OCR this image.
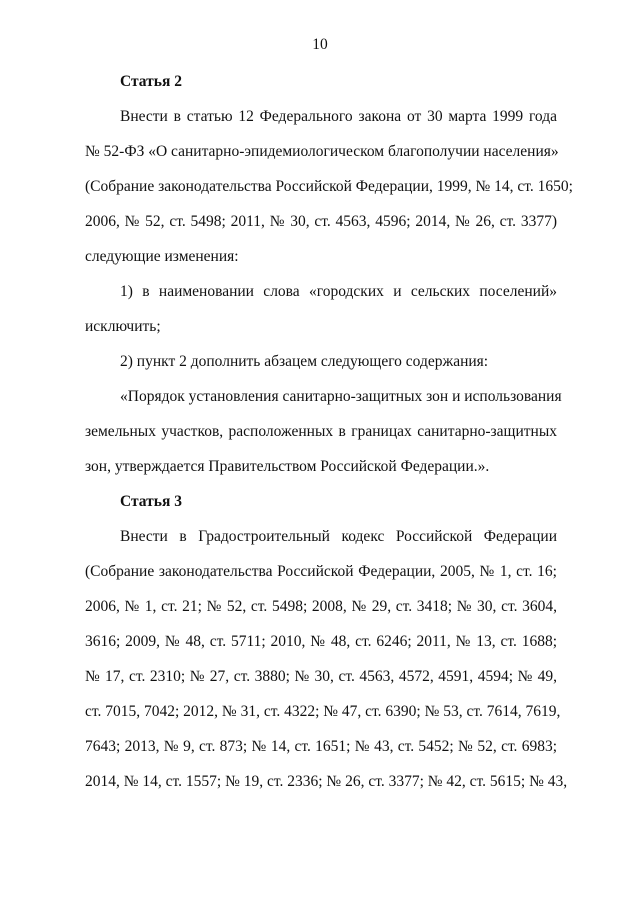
10
Статья 2
Внести в статью 12 Федерального закона от 30 марта 1999 года
№ 52-ФЗ «О санитарно-эпидемиологическом благополучии населения»
(Собрание законодательства Российской Федерации, 1999, № 14, ст. 1650;
2006, № 52, ст. 5498; 2011, № 30, ст. 4563, 4596; 2014, № 26, ст. 3377)
следующие изменения:
1) в наименовании слова «городских и сельских поселений»
исключить;
2) пункт 2 дополнить абзацем следующего содержания:
«Порядок установления санитарно-защитных зон и использования
земельных участков, расположенных в границах санитарно-защитных
зон, утверждается Правительством Российской Федерации.».
Статья 3
Внести в Градостроительный кодекс Российской Федерации
(Собрание законодательства Российской Федерации, 2005, № 1, ст. 16;
2006, № 1, ст. 21; № 52, ст. 5498; 2008, № 29, ст. 3418; № 30, ст. 3604,
3616; 2009, № 48, ст. 5711; 2010, № 48, ст. 6246; 2011, № 13, ст. 1688;
№ 17, ст. 2310; № 27, ст. 3880; № 30, ст. 4563, 4572, 4591, 4594; № 49,
ст. 7015, 7042; 2012, № 31, ст. 4322; № 47, ст. 6390; № 53, ст. 7614, 7619,
7643; 2013, № 9, ст. 873; № 14, ст. 1651; № 43, ст. 5452; № 52, ст. 6983;
2014, № 14, ст. 1557; № 19, ст. 2336; № 26, ст. 3377; № 42, ст. 5615; № 43,
